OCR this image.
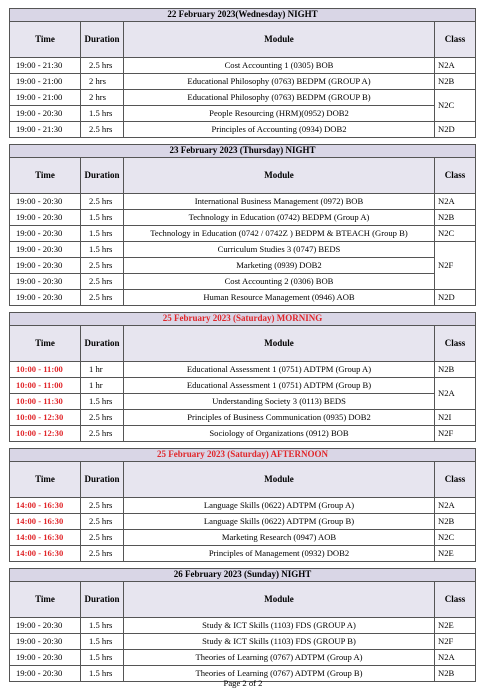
22 February 2023(Wednesday) NIGHT			
Time	Duration	Module	Class
19:00 - 21:30	2.5 hrs	Cost Accounting 1 (0305) BOB	N2A
19:00 - 21:00	2 hrs	Educational Philosophy (0763) BEDPM (GROUP A)	N2B
19:00 - 21:00	2 hrs	Educational Philosophy (0763) BEDPM (GROUP B)	N2C
19:00 - 20:30	1.5 hrs	People Resourcing (HRM)(0952) DOB2	
19:00 - 21:30	2.5 hrs	Principles of Accounting (0934) DOB2	N2D
23 February 2023 (Thursday) NIGHT			
Time	Duration	Module	Class
19:00 - 20:30	2.5 hrs	International Business Management (0972) BOB	N2A
19:00 - 20:30	1.5 hrs	Technology in Education (0742) BEDPM (Group A)	N2B
19:00 - 20:30	1.5 hrs	Technology in Education (0742 / 0742Z ) BEDPM & BTEACH (Group B)	N2C
19:00 - 20:30	1.5 hrs	Curriculum Studies 3 (0747) BEDS	N2F
19:00 - 20:30	2.5 hrs	Marketing (0939) DOB2	
19:00 - 20:30	2.5 hrs	Cost Accounting 2 (0306) BOB	
19:00 - 20:30	2.5 hrs	Human Resource Management (0946) AOB	N2D
25 February 2023 (Saturday) MORNING			
Time	Duration	Module	Class
10:00 - 11:00	1 hr	Educational Assessment 1 (0751) ADTPM (Group A)	N2B
10:00 - 11:00	1 hr	Educational Assessment 1 (0751) ADTPM (Group B)	N2A
10:00 - 11:30	1.5 hrs	Understanding Society 3 (0113) BEDS	
10:00 - 12:30	2.5 hrs	Principles of Business Communication (0935) DOB2	N2I
10:00 - 12:30	2.5 hrs	Sociology of Organizations (0912) BOB	N2F
25 February 2023 (Saturday) AFTERNOON			
Time	Duration	Module	Class
14:00 - 16:30	2.5 hrs	Language Skills (0622) ADTPM (Group A)	N2A
14:00 - 16:30	2.5 hrs	Language Skills (0622) ADTPM (Group B)	N2B
14:00 - 16:30	2.5 hrs	Marketing Research (0947) AOB	N2C
14:00 - 16:30	2.5 hrs	Principles of Management (0932) DOB2	N2E
26 February 2023 (Sunday) NIGHT			
Time	Duration	Module	Class
19:00 - 20:30	1.5 hrs	Study & ICT Skills (1103) FDS (GROUP A)	N2E
19:00 - 20:30	1.5 hrs	Study & ICT Skills (1103) FDS (GROUP B)	N2F
19:00 - 20:30	1.5 hrs	Theories of Learning (0767) ADTPM (Group A)	N2A
19:00 - 20:30	1.5 hrs	Theories of Learning (0767) ADTPM (Group B)	N2B
Page 2 of 2
